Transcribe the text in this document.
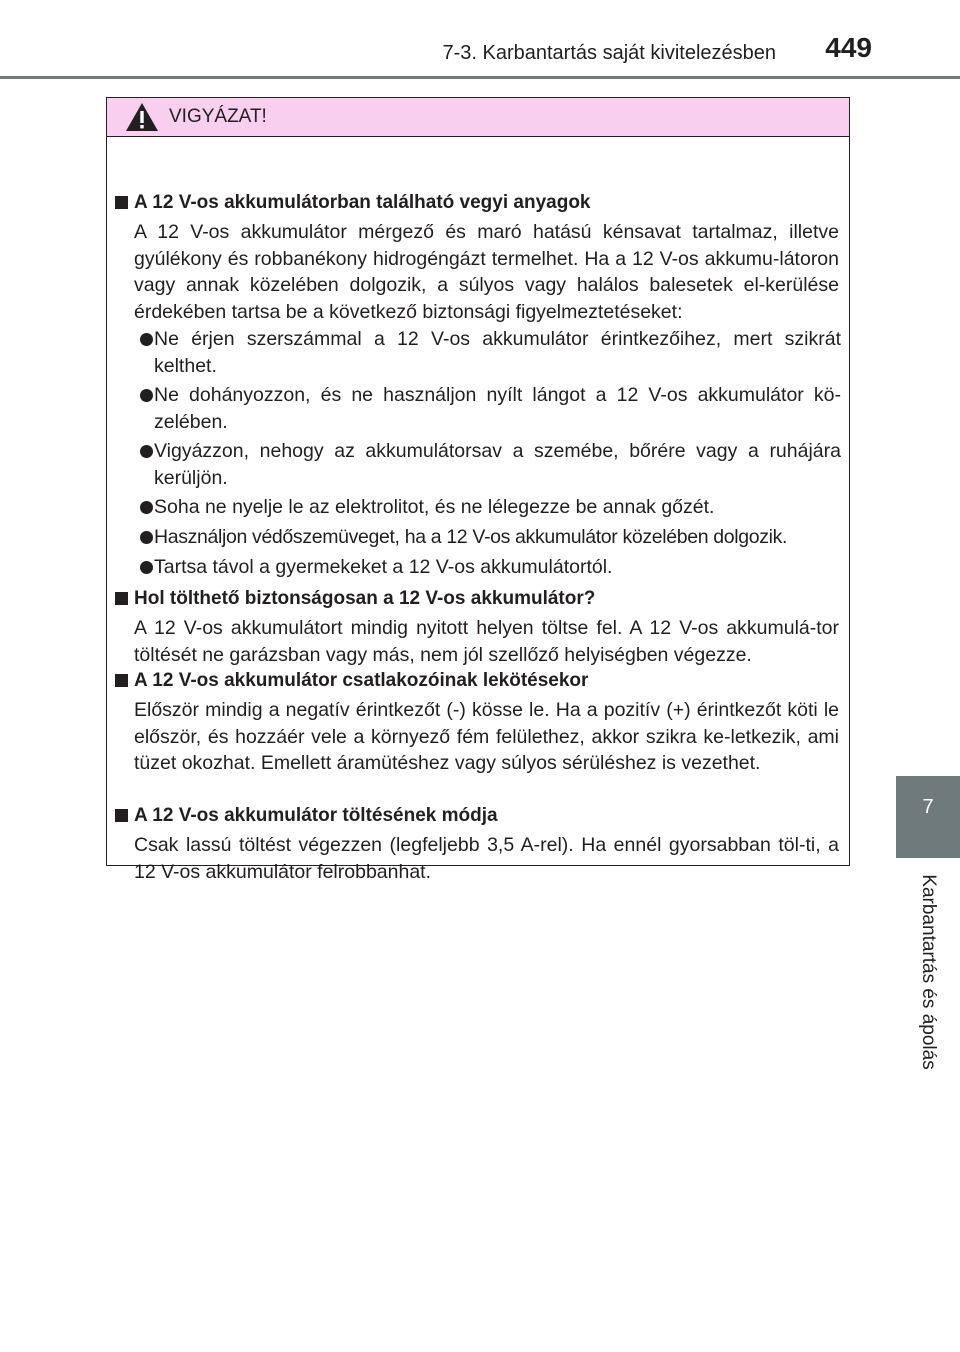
7-3. Karbantartás saját kivitelezésben 449
7
Karbantartás és ápolás
VIGYÁZAT!
A 12 V-os akkumulátorban található vegyi anyagok
A 12 V-os akkumulátor mérgező és maró hatású kénsavat tartalmaz, illetve gyúlékony és robbanékony hidrogéngázt termelhet. Ha a 12 V-os akkumu-látoron vagy annak közelében dolgozik, a súlyos vagy halálos balesetek el-kerülése érdekében tartsa be a következő biztonsági figyelmeztetéseket:
Ne érjen szerszámmal a 12 V-os akkumulátor érintkezőihez, mert szikrát kelthet.
Ne dohányozzon, és ne használjon nyílt lángot a 12 V-os akkumulátor kö-zelében.
Vigyázzon, nehogy az akkumulátorsav a szemébe, bőrére vagy a ruhájára kerüljön.
Soha ne nyelje le az elektrolitot, és ne lélegezze be annak gőzét.
Használjon védőszemüveget, ha a 12 V-os akkumulátor közelében dolgozik.
Tartsa távol a gyermekeket a 12 V-os akkumulátortól.
Hol tölthető biztonságosan a 12 V-os akkumulátor?
A 12 V-os akkumulátort mindig nyitott helyen töltse fel. A 12 V-os akkumulá-tor töltését ne garázsban vagy más, nem jól szellőző helyiségben végezze.
A 12 V-os akkumulátor csatlakozóinak lekötésekor
Először mindig a negatív érintkezőt (-) kösse le. Ha a pozitív (+) érintkezőt köti le először, és hozzáér vele a környező fém felülethez, akkor szikra ke-letkezik, ami tüzet okozhat. Emellett áramütéshez vagy súlyos sérüléshez is vezethet.
A 12 V-os akkumulátor töltésének módja
Csak lassú töltést végezzen (legfeljebb 3,5 A-rel). Ha ennél gyorsabban töl-ti, a 12 V-os akkumulátor felrobbanhat.
